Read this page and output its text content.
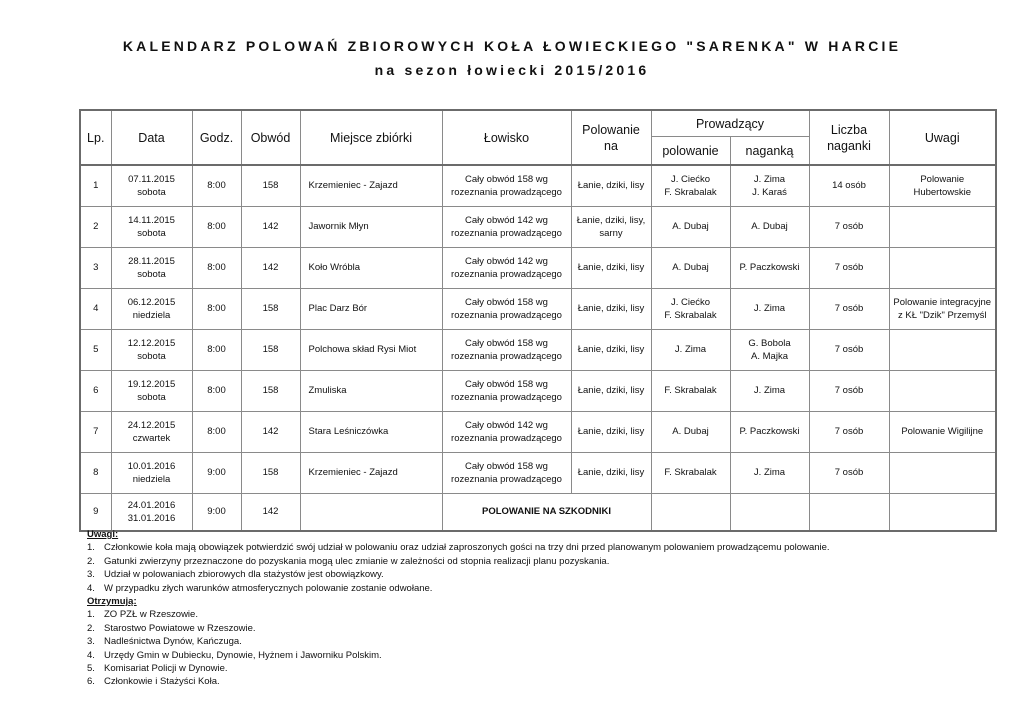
KALENDARZ POLOWAŃ ZBIOROWYCH KOŁA ŁOWIECKIEGO "SARENKA" W HARCIE
na sezon łowiecki 2015/2016
Lp.	Data	Godz.	Obwód	Miejsce zbiórki	Łowisko	Polowanie na	Prowadzący		Liczba naganki	Uwagi
							polowanie	naganką		
1	07.11.2015
sobota	8:00	158	Krzemieniec - Zajazd	Cały obwód 158 wg rozeznania prowadzącego	Łanie, dziki, lisy	J. Ciećko
F. Skrabalak	J. Zima
J. Karaś	14 osób	Polowanie Hubertowskie
2	14.11.2015
sobota	8:00	142	Jawornik Młyn	Cały obwód 142 wg rozeznania prowadzącego	Łanie, dziki, lisy, sarny	A. Dubaj	A. Dubaj	7 osób	
3	28.11.2015
sobota	8:00	142	Koło Wróbla	Cały obwód 142 wg rozeznania prowadzącego	Łanie, dziki, lisy	A. Dubaj	P. Paczkowski	7 osób	
4	06.12.2015
niedziela	8:00	158	Plac Darz Bór	Cały obwód 158 wg rozeznania prowadzącego	Łanie, dziki, lisy	J. Ciećko
F. Skrabalak	J. Zima	7 osób	Polowanie integracyjne z KŁ "Dzik" Przemyśl
5	12.12.2015
sobota	8:00	158	Polchowa skład Rysi Miot	Cały obwód 158 wg rozeznania prowadzącego	Łanie, dziki, lisy	J. Zima	G. Bobola
A. Majka	7 osób	
6	19.12.2015
sobota	8:00	158	Zmuliska	Cały obwód 158 wg rozeznania prowadzącego	Łanie, dziki, lisy	F. Skrabalak	J. Zima	7 osób	
7	24.12.2015
czwartek	8:00	142	Stara Leśniczówka	Cały obwód 142 wg rozeznania prowadzącego	Łanie, dziki, lisy	A. Dubaj	P. Paczkowski	7 osób	Polowanie Wigilijne
8	10.01.2016
niedziela	9:00	158	Krzemieniec - Zajazd	Cały obwód 158 wg rozeznania prowadzącego	Łanie, dziki, lisy	F. Skrabalak	J. Zima	7 osób	
9	24.01.2016
31.01.2016	9:00	142		POLOWANIE NA SZKODNIKI					
Uwagi:
1. Członkowie koła mają obowiązek potwierdzić swój udział w polowaniu oraz udział zaproszonych gości na trzy dni przed planowanym polowaniem prowadzącemu polowanie.
2. Gatunki zwierzyny przeznaczone do pozyskania mogą ulec zmianie w zależności od stopnia realizacji planu pozyskania.
3. Udział w polowaniach zbiorowych dla stażystów jest obowiązkowy.
4. W przypadku złych warunków atmosferycznych polowanie zostanie odwołane.
Otrzymują:
1. ZO PZŁ w Rzeszowie.
2. Starostwo Powiatowe w Rzeszowie.
3. Nadleśnictwa Dynów, Kańczuga.
4. Urzędy Gmin w Dubiecku, Dynowie, Hyżnem i Jaworniku Polskim.
5. Komisariat Policji w Dynowie.
6. Członkowie i Stażyści Koła.
